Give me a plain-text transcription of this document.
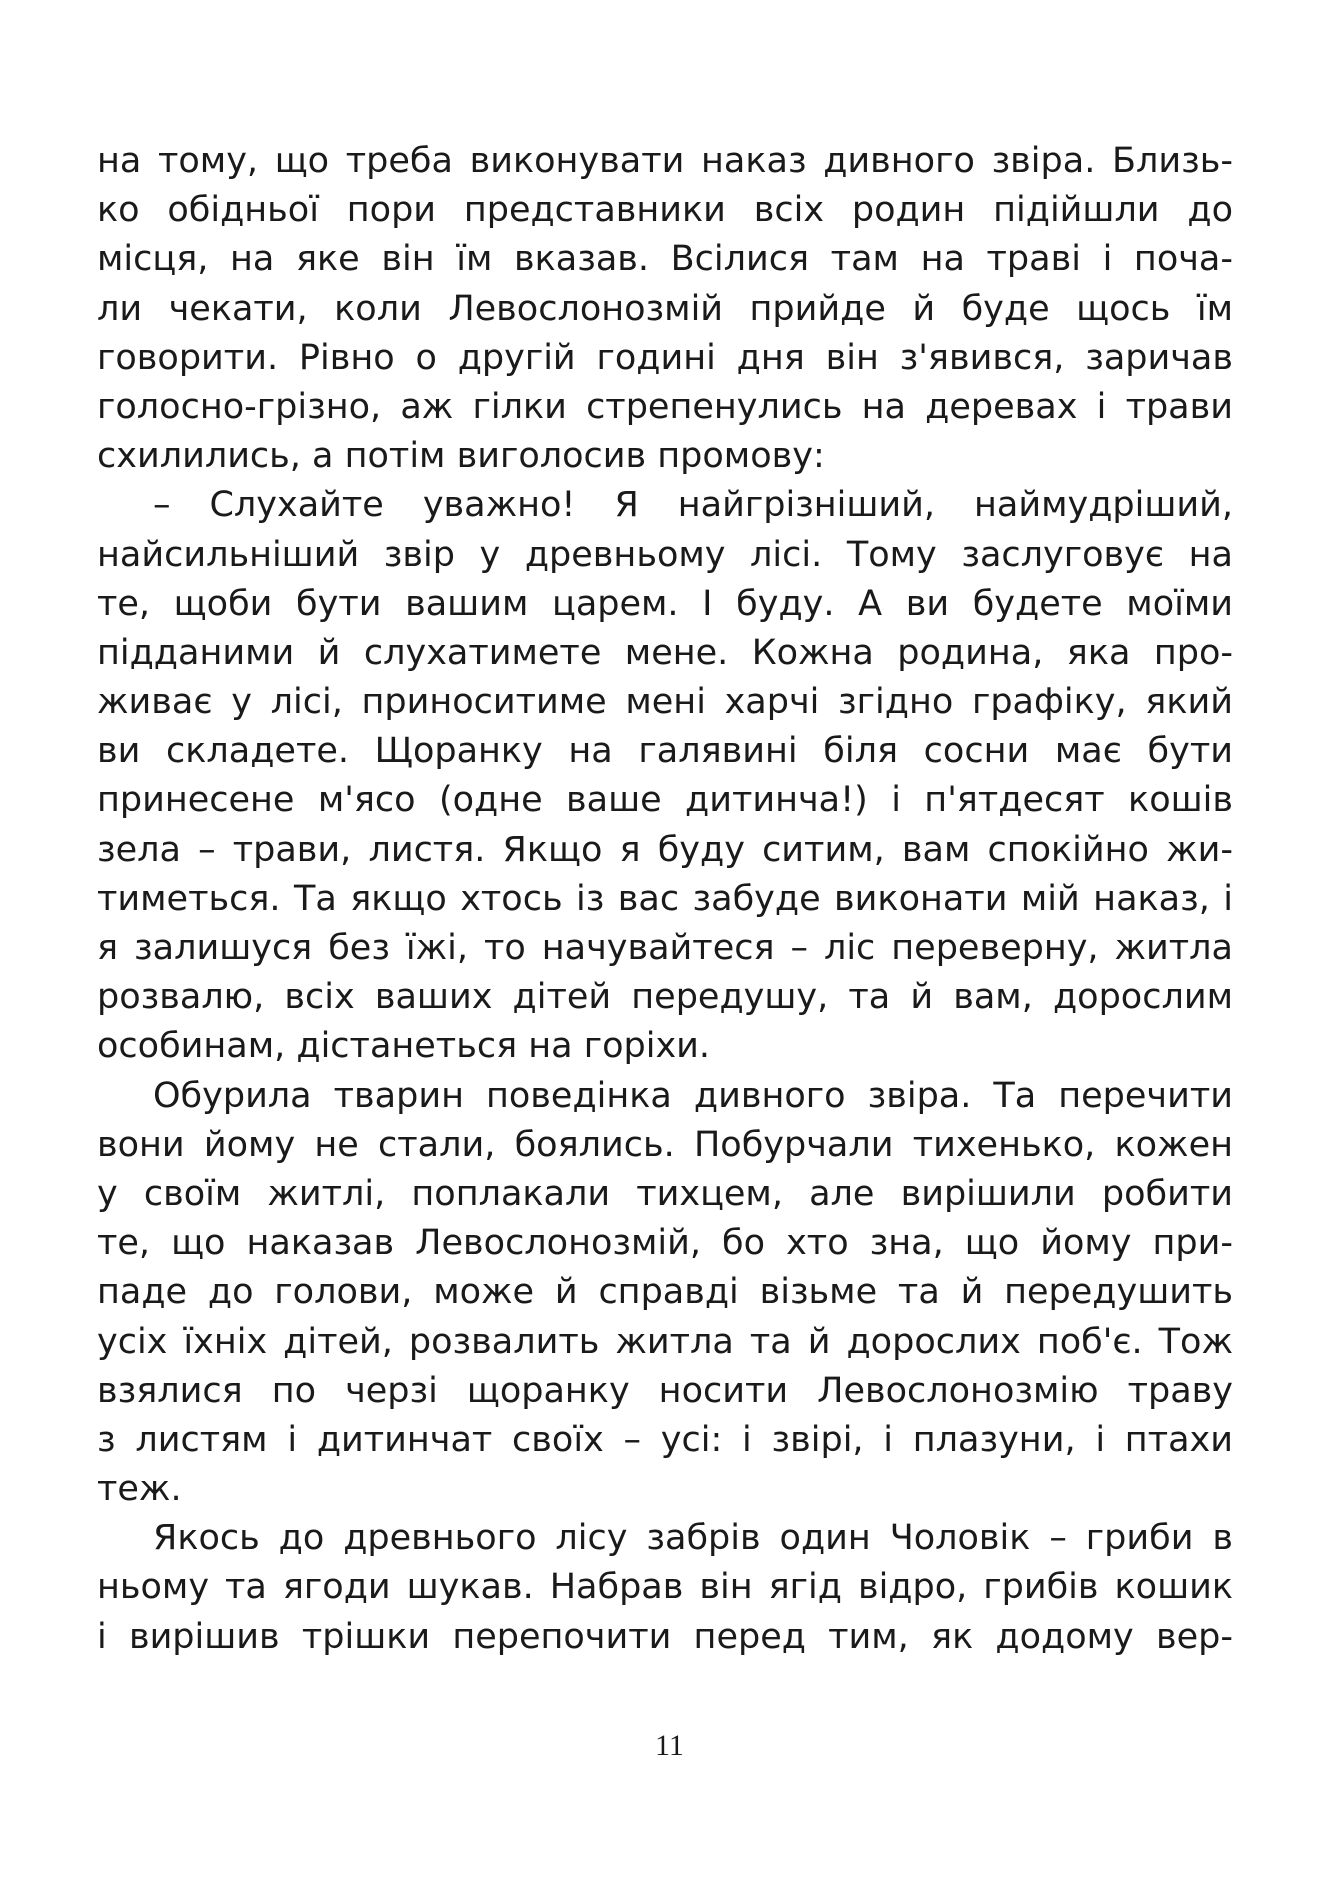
на тому, що треба виконувати наказ дивного звіра. Близь-
ко обідньої пори представники всіх родин підійшли до
місця, на яке він їм вказав. Всілися там на траві і поча-
ли чекати, коли Левослонозмій прийде й буде щось їм
говорити. Рівно о другій годині дня він з'явився, заричав
голосно-грізно, аж гілки стрепенулись на деревах і трави
схилились, а потім виголосив промову:
– Слухайте уважно! Я найгрізніший, наймудріший,
найсильніший звір у древньому лісі. Тому заслуговує на
те, щоби бути вашим царем. І буду. А ви будете моїми
підданими й слухатимете мене. Кожна родина, яка про-
живає у лісі, приноситиме мені харчі згідно графіку, який
ви складете. Щоранку на галявині біля сосни має бути
принесене м'ясо (одне ваше дитинча!) і п'ятдесят кошів
зела – трави, листя. Якщо я буду ситим, вам спокійно жи-
тиметься. Та якщо хтось із вас забуде виконати мій наказ, і
я залишуся без їжі, то начувайтеся – ліс переверну, житла
розвалю, всіх ваших дітей передушу, та й вам, дорослим
особинам, дістанеться на горіхи.
Обурила тварин поведінка дивного звіра. Та перечити
вони йому не стали, боялись. Побурчали тихенько, кожен
у своїм житлі, поплакали тихцем, але вирішили робити
те, що наказав Левослонозмій, бо хто зна, що йому при-
паде до голови, може й справді візьме та й передушить
усіх їхніх дітей, розвалить житла та й дорослих поб'є. Тож
взялися по черзі щоранку носити Левослонозмію траву
з листям і дитинчат своїх – усі: і звірі, і плазуни, і птахи
теж.
Якось до древнього лісу забрів один Чоловік – гриби в
ньому та ягоди шукав. Набрав він ягід відро, грибів кошик
і вирішив трішки перепочити перед тим, як додому вер-
11
